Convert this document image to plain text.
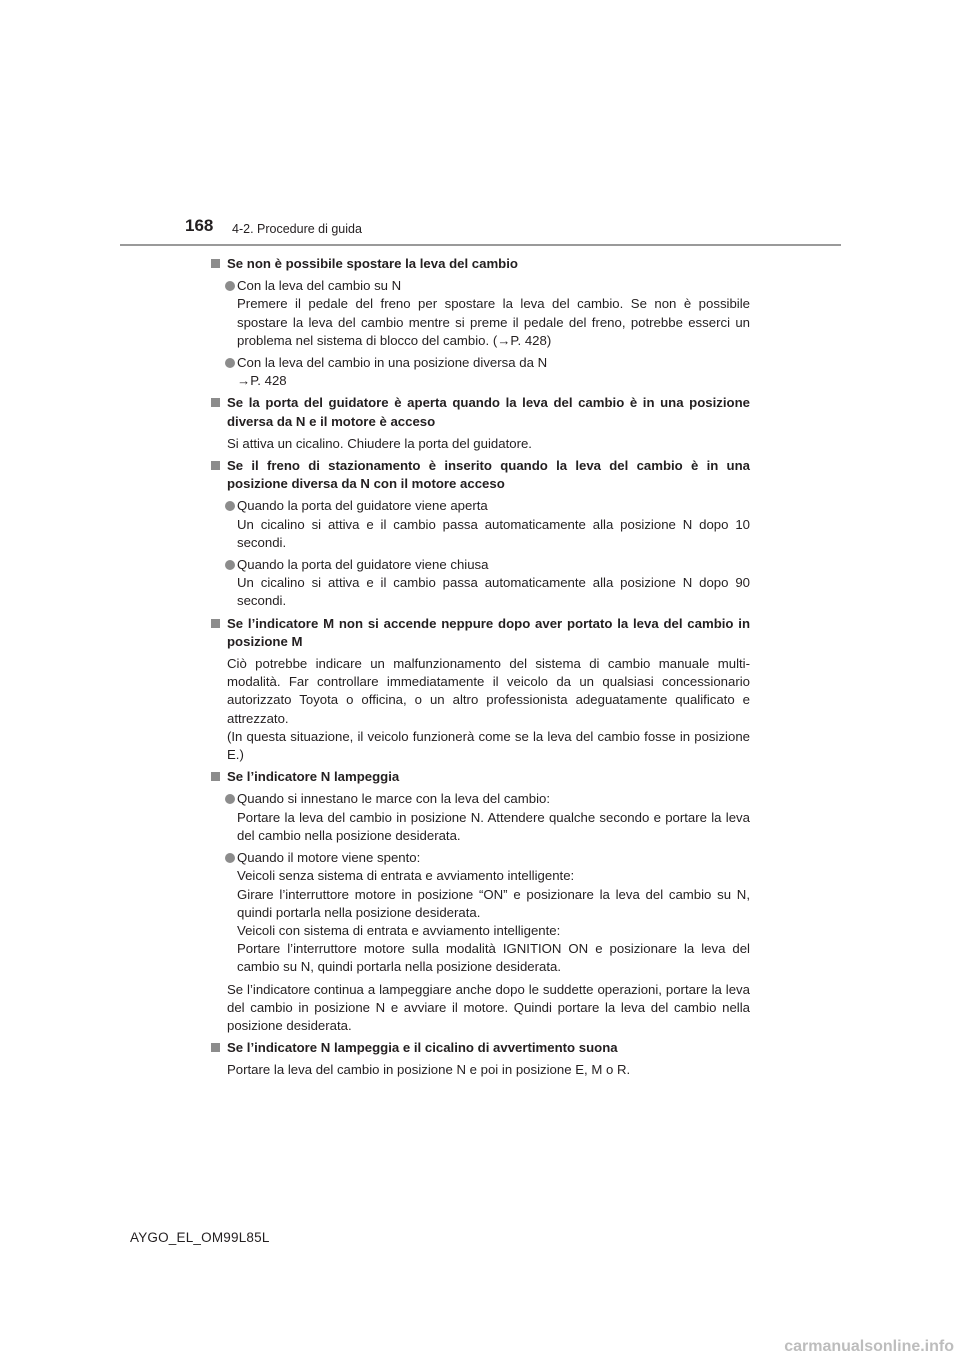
168 4-2. Procedure di guida
Se non è possibile spostare la leva del cambio
Con la leva del cambio su N
Premere il pedale del freno per spostare la leva del cambio. Se non è possibile spostare la leva del cambio mentre si preme il pedale del freno, potrebbe esserci un problema nel sistema di blocco del cambio. (→P. 428)
Con la leva del cambio in una posizione diversa da N
→P. 428
Se la porta del guidatore è aperta quando la leva del cambio è in una posizione diversa da N e il motore è acceso
Si attiva un cicalino. Chiudere la porta del guidatore.
Se il freno di stazionamento è inserito quando la leva del cambio è in una posizione diversa da N con il motore acceso
Quando la porta del guidatore viene aperta
Un cicalino si attiva e il cambio passa automaticamente alla posizione N dopo 10 secondi.
Quando la porta del guidatore viene chiusa
Un cicalino si attiva e il cambio passa automaticamente alla posizione N dopo 90 secondi.
Se l’indicatore M non si accende neppure dopo aver portato la leva del cambio in posizione M
Ciò potrebbe indicare un malfunzionamento del sistema di cambio manuale multi-modalità. Far controllare immediatamente il veicolo da un qualsiasi concessionario autorizzato Toyota o officina, o un altro professionista adeguatamente qualificato e attrezzato.
(In questa situazione, il veicolo funzionerà come se la leva del cambio fosse in posizione E.)
Se l’indicatore N lampeggia
Quando si innestano le marce con la leva del cambio:
Portare la leva del cambio in posizione N. Attendere qualche secondo e portare la leva del cambio nella posizione desiderata.
Quando il motore viene spento:
Veicoli senza sistema di entrata e avviamento intelligente:
Girare l’interruttore motore in posizione “ON” e posizionare la leva del cambio su N, quindi portarla nella posizione desiderata.
Veicoli con sistema di entrata e avviamento intelligente:
Portare l’interruttore motore sulla modalità IGNITION ON e posizionare la leva del cambio su N, quindi portarla nella posizione desiderata.
Se l’indicatore continua a lampeggiare anche dopo le suddette operazioni, portare la leva del cambio in posizione N e avviare il motore. Quindi portare la leva del cambio nella posizione desiderata.
Se l’indicatore N lampeggia e il cicalino di avvertimento suona
Portare la leva del cambio in posizione N e poi in posizione E, M o R.
AYGO_EL_OM99L85L
carmanualsonline.info
